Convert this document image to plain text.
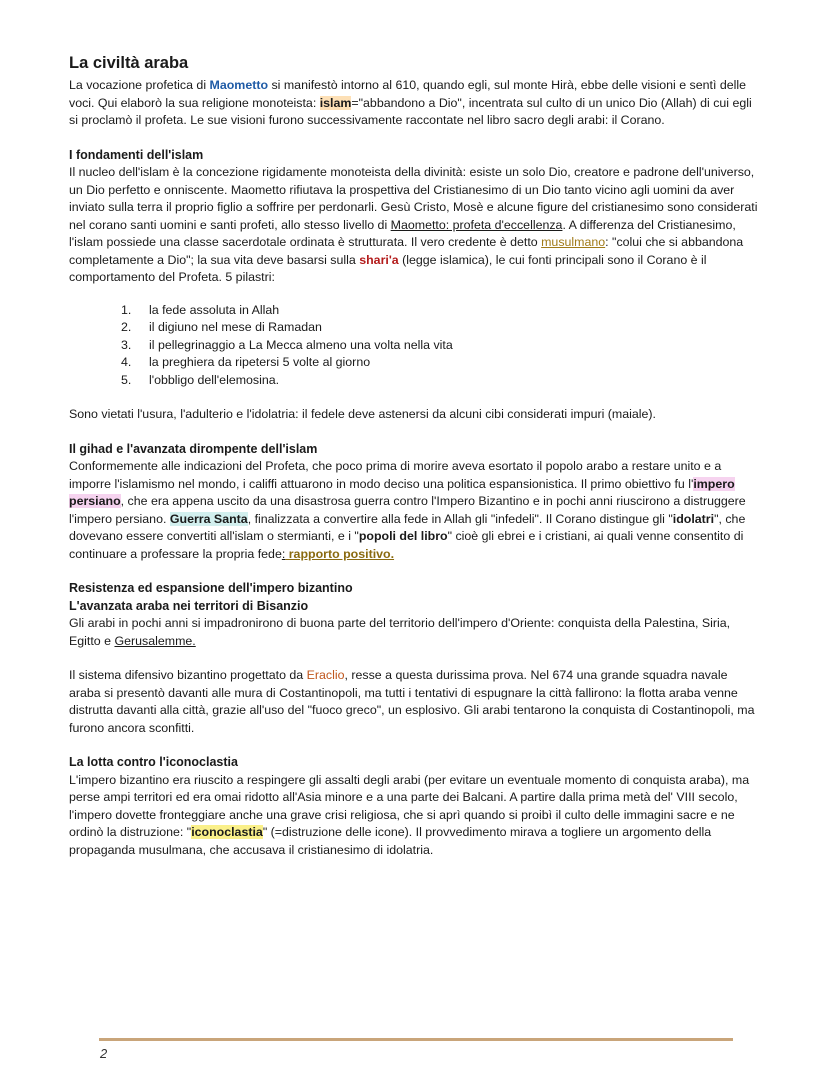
La civiltà araba

La vocazione profetica di Maometto si manifestò intorno al 610, quando egli, sul monte Hirà, ebbe delle visioni e sentì delle voci. Qui elaborò la sua religione monoteista: islam="abbandono a Dio", incentrata sul culto di un unico Dio (Allah) di cui egli si proclamò il profeta. Le sue visioni furono successivamente raccontate nel libro sacro degli arabi: il Corano.

I fondamenti dell'islam

Il nucleo dell'islam è la concezione rigidamente monoteista della divinità: esiste un solo Dio, creatore e padrone dell'universo, un Dio perfetto e onniscente. Maometto rifiutava la prospettiva del Cristianesimo di un Dio tanto vicino agli uomini da aver inviato sulla terra il proprio figlio a soffrire per perdonarli. Gesù Cristo, Mosè e alcune figure del cristianesimo sono considerati nel corano santi uomini e santi profeti, allo stesso livello di Maometto: profeta d'eccellenza. A differenza del Cristianesimo, l'islam possiede una classe sacerdotale ordinata è strutturata. Il vero credente è detto musulmano: "colui che si abbandona completamente a Dio"; la sua vita deve basarsi sulla shari'a (legge islamica), le cui fonti principali sono il Corano è il comportamento del Profeta. 5 pilastri:

1. la fede assoluta in Allah
2. il digiuno nel mese di Ramadan
3. il pellegrinaggio a La Mecca almeno una volta nella vita
4. la preghiera da ripetersi 5 volte al giorno
5. l'obbligo dell'elemosina.

Sono vietati l'usura, l'adulterio e l'idolatria: il fedele deve astenersi da alcuni cibi considerati impuri (maiale).

Il gihad e l'avanzata dirompente dell'islam

Conformemente alle indicazioni del Profeta, che poco prima di morire aveva esortato il popolo arabo a restare unito e a imporre l'islamismo nel mondo, i califfi attuarono in modo deciso una politica espansionistica. Il primo obiettivo fu l'impero persiano, che era appena uscito da una disastrosa guerra contro l'Impero Bizantino e in pochi anni riuscirono a distruggere l'impero persiano. Guerra Santa, finalizzata a convertire alla fede in Allah gli "infedeli". Il Corano distingue gli "idolatri", che dovevano essere convertiti all'islam o stermianti, e i "popoli del libro" cioè gli ebrei e i cristiani, ai quali venne consentito di continuare a professare la propria fede: rapporto positivo.

Resistenza ed espansione dell'impero bizantino
L'avanzata araba nei territori di Bisanzio

Gli arabi in pochi anni si impadronirono di buona parte del territorio dell'impero d'Oriente: conquista della Palestina, Siria, Egitto e Gerusalemme.

Il sistema difensivo bizantino progettato da Eraclio, resse a questa durissima prova. Nel 674 una grande squadra navale araba si presentò davanti alle mura di Costantinopoli, ma tutti i tentativi di espugnare la città fallirono: la flotta araba venne distrutta davanti alla città, grazie all'uso del "fuoco greco", un esplosivo. Gli arabi tentarono la conquista di Costantinopoli, ma furono ancora sconfitti.

La lotta contro l'iconoclastia

L'impero bizantino era riuscito a respingere gli assalti degli arabi (per evitare un eventuale momento di conquista araba), ma perse ampi territori ed era omai ridotto all'Asia minore e a una parte dei Balcani. A partire dalla prima metà del' VIII secolo, l'impero dovette fronteggiare anche una grave crisi religiosa, che si aprì quando si proibì il culto delle immagini sacre e ne ordinò la distruzione: "iconoclastia" (=distruzione delle icone). Il provvedimento mirava a togliere un argomento della propaganda musulmana, che accusava il cristianesimo di idolatria.

2
